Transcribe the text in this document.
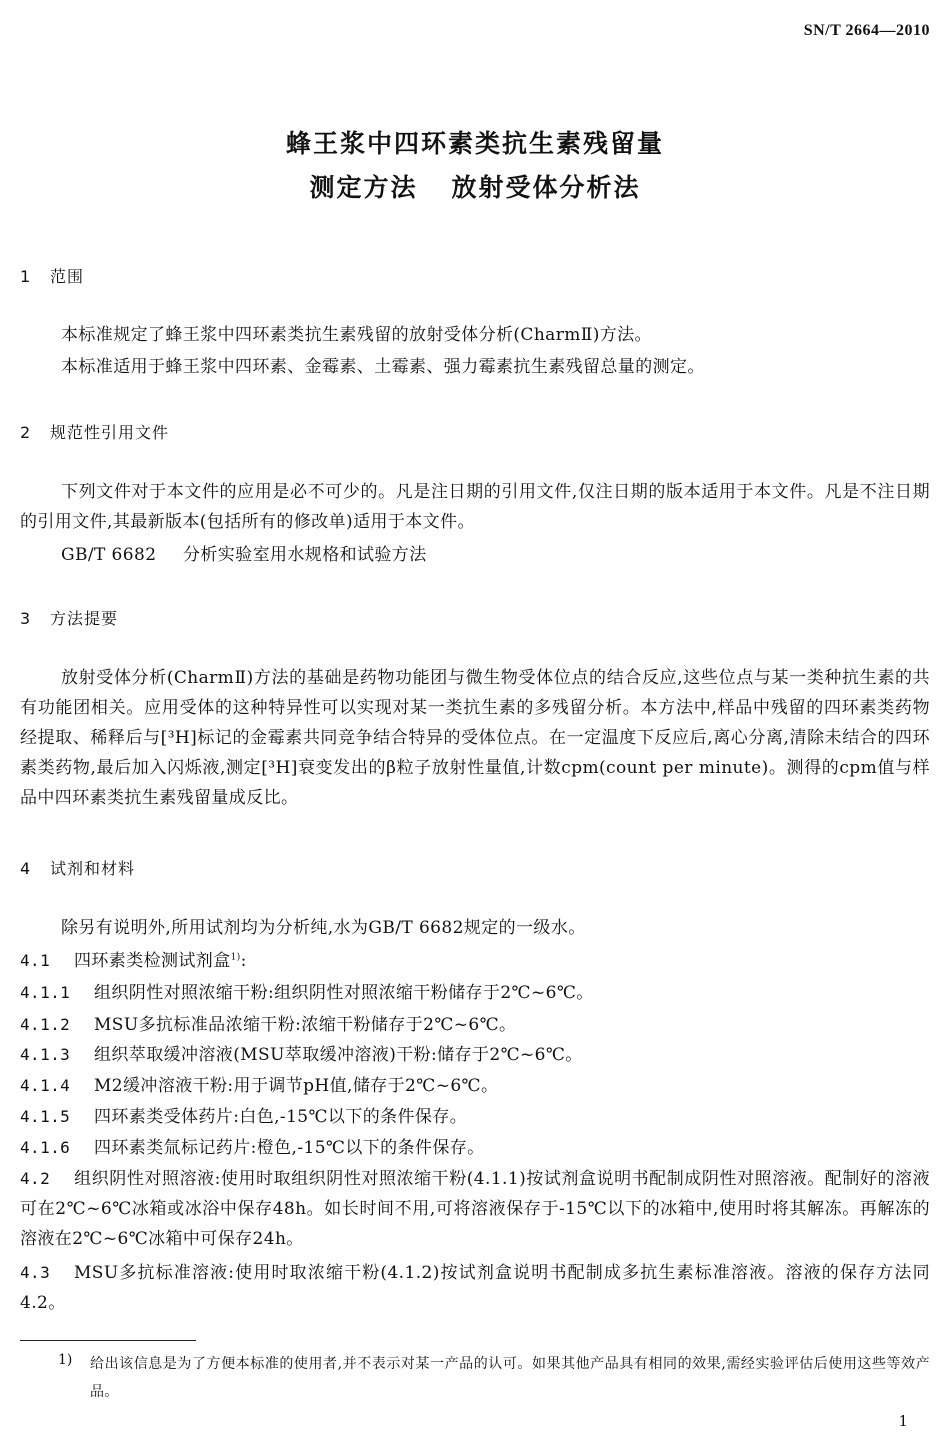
SN/T 2664—2010
蜂王浆中四环素类抗生素残留量
测定方法 放射受体分析法
1 范围
本标准规定了蜂王浆中四环素类抗生素残留的放射受体分析(CharmⅡ)方法。
本标准适用于蜂王浆中四环素、金霉素、土霉素、强力霉素抗生素残留总量的测定。
2 规范性引用文件
下列文件对于本文件的应用是必不可少的。凡是注日期的引用文件,仅注日期的版本适用于本文件。凡是不注日期的引用文件,其最新版本(包括所有的修改单)适用于本文件。
GB/T 6682 分析实验室用水规格和试验方法
3 方法提要
放射受体分析(CharmⅡ)方法的基础是药物功能团与微生物受体位点的结合反应,这些位点与某一类种抗生素的共有功能团相关。应用受体的这种特异性可以实现对某一类抗生素的多残留分析。本方法中,样品中残留的四环素类药物经提取、稀释后与[³H]标记的金霉素共同竞争结合特异的受体位点。在一定温度下反应后,离心分离,清除未结合的四环素类药物,最后加入闪烁液,测定[³H]衰变发出的β粒子放射性量值,计数cpm(count per minute)。测得的cpm值与样品中四环素类抗生素残留量成反比。
4 试剂和材料
除另有说明外,所用试剂均为分析纯,水为GB/T 6682规定的一级水。
4.1 四环素类检测试剂盒$^{1)}$:
4.1.1 组织阴性对照浓缩干粉:组织阴性对照浓缩干粉储存于2℃~6℃。
4.1.2 MSU多抗标准品浓缩干粉:浓缩干粉储存于2℃~6℃。
4.1.3 组织萃取缓冲溶液(MSU萃取缓冲溶液)干粉:储存于2℃~6℃。
4.1.4 M2缓冲溶液干粉:用于调节pH值,储存于2℃~6℃。
4.1.5 四环素类受体药片:白色,-15℃以下的条件保存。
4.1.6 四环素类氚标记药片:橙色,-15℃以下的条件保存。
4.2 组织阴性对照溶液:使用时取组织阴性对照浓缩干粉(4.1.1)按试剂盒说明书配制成阴性对照溶液。配制好的溶液可在2℃~6℃冰箱或冰浴中保存48h。如长时间不用,可将溶液保存于-15℃以下的冰箱中,使用时将其解冻。再解冻的溶液在2℃~6℃冰箱中可保存24h。
4.3 MSU多抗标准溶液:使用时取浓缩干粉(4.1.2)按试剂盒说明书配制成多抗生素标准溶液。溶液的保存方法同4.2。
1) 给出该信息是为了方便本标准的使用者,并不表示对某一产品的认可。如果其他产品具有相同的效果,需经实验评估后使用这些等效产品。
1
